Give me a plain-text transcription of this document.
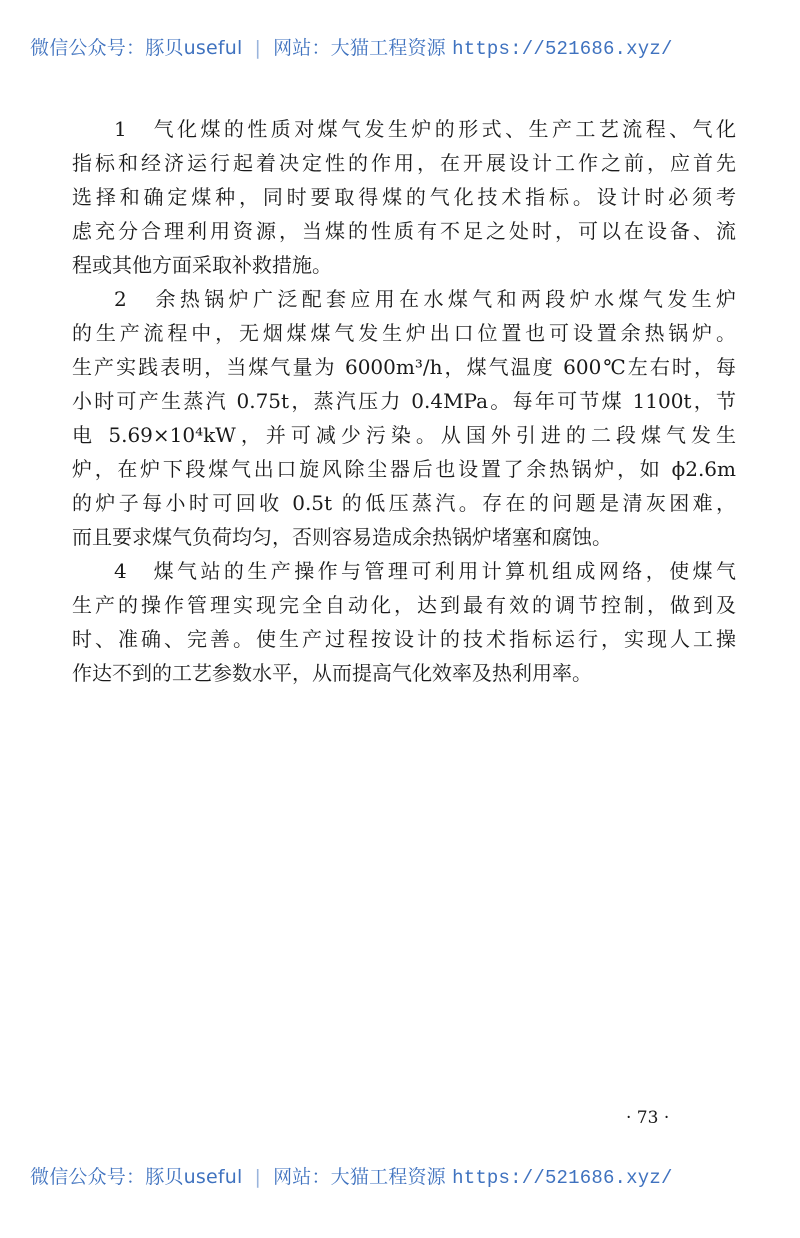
微信公众号：豚贝useful | 网站：大猫工程资源 https://521686.xyz/
1　气化煤的性质对煤气发生炉的形式、生产工艺流程、气化
指标和经济运行起着决定性的作用，在开展设计工作之前，应首先
选择和确定煤种，同时要取得煤的气化技术指标。设计时必须考
虑充分合理利用资源，当煤的性质有不足之处时，可以在设备、流
程或其他方面采取补救措施。
2　余热锅炉广泛配套应用在水煤气和两段炉水煤气发生炉
的生产流程中，无烟煤煤气发生炉出口位置也可设置余热锅炉。
生产实践表明，当煤气量为 6000m³/h，煤气温度 600℃左右时，每
小时可产生蒸汽 0.75t，蒸汽压力 0.4MPa。每年可节煤 1100t，节
电 5.69×10⁴kW，并可减少污染。从国外引进的二段煤气发生
炉，在炉下段煤气出口旋风除尘器后也设置了余热锅炉，如 ϕ2.6m
的炉子每小时可回收 0.5t 的低压蒸汽。存在的问题是清灰困难，
而且要求煤气负荷均匀，否则容易造成余热锅炉堵塞和腐蚀。
4　煤气站的生产操作与管理可利用计算机组成网络，使煤气
生产的操作管理实现完全自动化，达到最有效的调节控制，做到及
时、准确、完善。使生产过程按设计的技术指标运行，实现人工操
作达不到的工艺参数水平，从而提高气化效率及热利用率。
· 73 ·
微信公众号：豚贝useful | 网站：大猫工程资源 https://521686.xyz/
